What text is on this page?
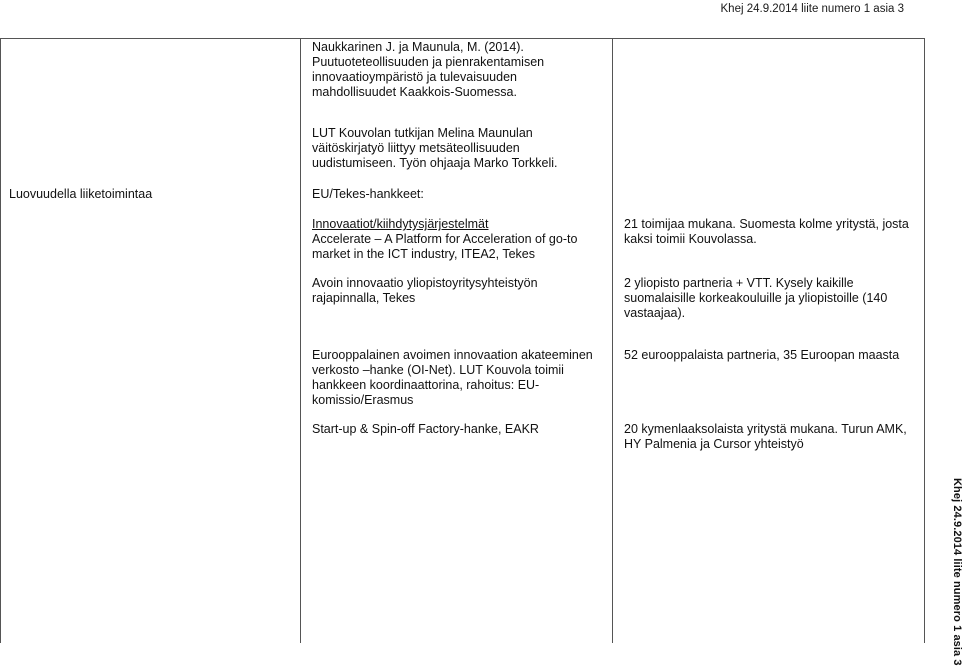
Khej 24.9.2014 liite numero 1 asia 3
Luovuudella liiketoimintaa
Naukkarinen J. ja Maunula, M. (2014).
Puutuoteteollisuuden ja pienrakentamisen
innovaatioympäristö ja tulevaisuuden
mahdollisuudet Kaakkois-Suomessa.
LUT Kouvolan tutkijan Melina Maunulan
väitöskirjatyö liittyy metsäteollisuuden
uudistumiseen. Työn ohjaaja Marko Torkkeli.
EU/Tekes-hankkeet:
Innovaatiot/kiihdytysjärjestelmät
Accelerate – A Platform for Acceleration of go-to
market in the ICT industry, ITEA2, Tekes
Avoin innovaatio yliopistoyritysyhteistyön
rajapinnalla, Tekes
Eurooppalainen avoimen innovaation akateeminen
verkosto –hanke (OI-Net). LUT Kouvola toimii
hankkeen koordinaattorina, rahoitus: EU-
komissio/Erasmus
Start-up & Spin-off Factory-hanke, EAKR
21 toimijaa mukana. Suomesta kolme yritystä, josta
kaksi toimii Kouvolassa.
2 yliopisto partneria + VTT. Kysely kaikille
suomalaisille korkeakouluille ja yliopistoille (140
vastaajaa).
52 eurooppalaista partneria, 35 Euroopan maasta
20 kymenlaaksolaista yritystä mukana. Turun AMK,
HY Palmenia ja Cursor yhteistyö
Khej 24.9.2014 liite numero 1 asia 3
